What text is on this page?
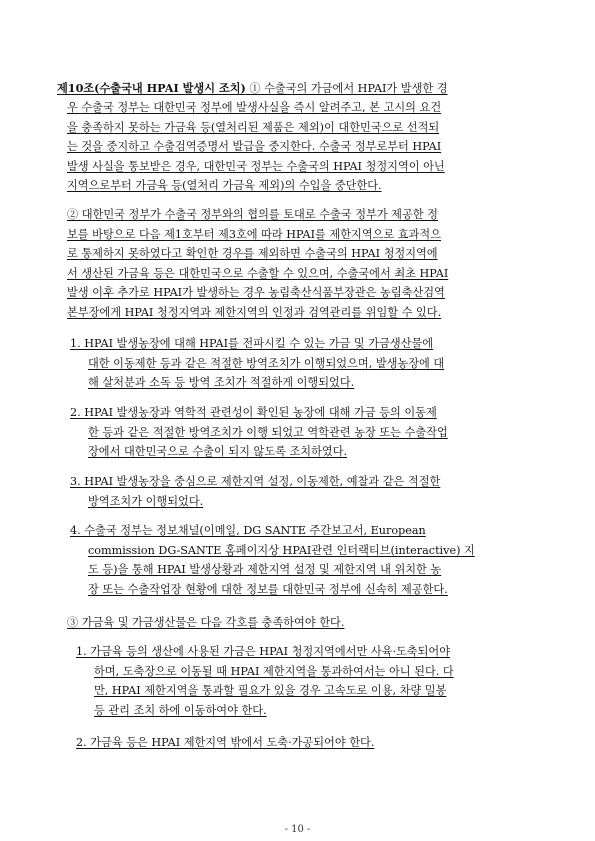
제10조(수출국내 HPAI 발생시 조치) ① 수출국의 가금에서 HPAI가 발생한 경
우 수출국 정부는 대한민국 정부에 발생사실을 즉시 알려주고, 본 고시의 요건
을 충족하지 못하는 가금육 등(열처리된 제품은 제외)이 대한민국으로 선적되
는 것을 중지하고 수출검역증명서 발급을 중지한다. 수출국 정부로부터 HPAI
발생 사실을 통보받은 경우, 대한민국 정부는 수출국의 HPAI 청정지역이 아닌
지역으로부터 가금육 등(열처리 가금육 제외)의 수입을 중단한다.
② 대한민국 정부가 수출국 정부와의 협의를 토대로 수출국 정부가 제공한 정
보를 바탕으로 다음 제1호부터 제3호에 따라 HPAI를 제한지역으로 효과적으
로 통제하지 못하였다고 확인한 경우를 제외하면 수출국의 HPAI 청정지역에
서 생산된 가금육 등은 대한민국으로 수출할 수 있으며, 수출국에서 최초 HPAI
발생 이후 추가로 HPAI가 발생하는 경우 농림축산식품부장관은 농림축산검역
본부장에게 HPAI 청정지역과 제한지역의 인정과 검역관리를 위임할 수 있다.
1. HPAI 발생농장에 대해 HPAI를 전파시킬 수 있는 가금 및 가금생산물에
대한 이동제한 등과 같은 적절한 방역조치가 이행되었으며, 발생농장에 대
해 살처분과 소독 등 방역 조치가 적절하게 이행되었다.
2. HPAI 발생농장과 역학적 관련성이 확인된 농장에 대해 가금 등의 이동제
한 등과 같은 적절한 방역조치가 이행 되었고 역학관련 농장 또는 수출작업
장에서 대한민국으로 수출이 되지 않도록 조치하였다.
3. HPAI 발생농장을 중심으로 제한지역 설정, 이동제한, 예찰과 같은 적절한
방역조치가 이행되었다.
4. 수출국 정부는 정보채널(이메일, DG SANTE 주간보고서, European
commission DG-SANTE 홈페이지상 HPAI관련 인터랙티브(interactive) 지
도 등)을 통해 HPAI 발생상황과 제한지역 설정 및 제한지역 내 위치한 농
장 또는 수출작업장 현황에 대한 정보를 대한민국 정부에 신속히 제공한다.
③ 가금육 및 가금생산물은 다음 각호를 충족하여야 한다.
1. 가금육 등의 생산에 사용된 가금은 HPAI 청정지역에서만 사육·도축되어야
하며, 도축장으로 이동될 때 HPAI 제한지역을 통과하여서는 아니 된다. 다
만, HPAI 제한지역을 통과할 필요가 있을 경우 고속도로 이용, 차량 밀봉
등 관리 조치 하에 이동하여야 한다.
2. 가금육 등은 HPAI 제한지역 밖에서 도축·가공되어야 한다.
- 10 -
